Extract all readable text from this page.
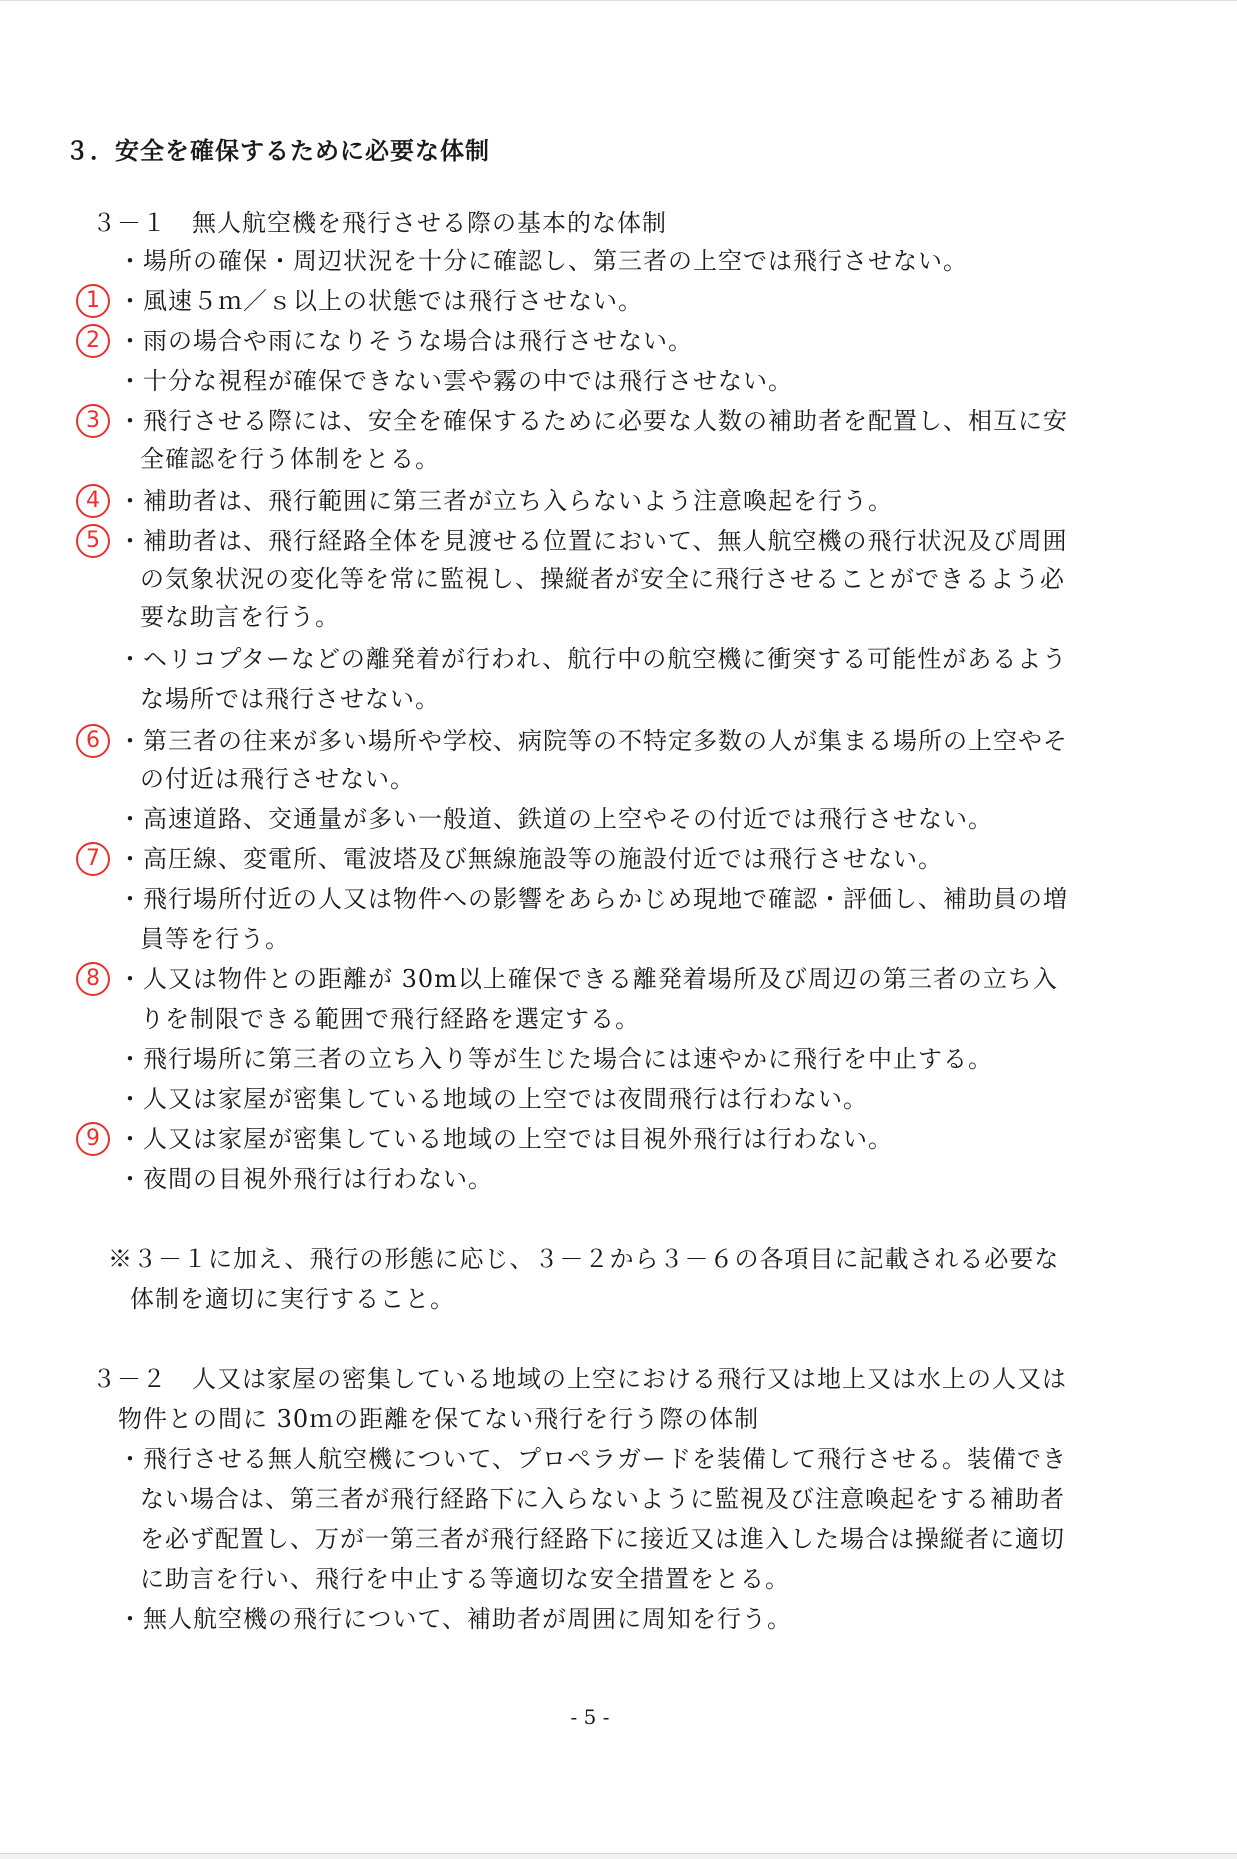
３．安全を確保するために必要な体制
３－１　無人航空機を飛行させる際の基本的な体制
・場所の確保・周辺状況を十分に確認し、第三者の上空では飛行させない。
・風速５ｍ／ｓ以上の状態では飛行させない。
・雨の場合や雨になりそうな場合は飛行させない。
・十分な視程が確保できない雲や霧の中では飛行させない。
・飛行させる際には、安全を確保するために必要な人数の補助者を配置し、相互に安
全確認を行う体制をとる。
・補助者は、飛行範囲に第三者が立ち入らないよう注意喚起を行う。
・補助者は、飛行経路全体を見渡せる位置において、無人航空機の飛行状況及び周囲
の気象状況の変化等を常に監視し、操縦者が安全に飛行させることができるよう必
要な助言を行う。
・ヘリコプターなどの離発着が行われ、航行中の航空機に衝突する可能性があるよう
な場所では飛行させない。
・第三者の往来が多い場所や学校、病院等の不特定多数の人が集まる場所の上空やそ
の付近は飛行させない。
・高速道路、交通量が多い一般道、鉄道の上空やその付近では飛行させない。
・高圧線、変電所、電波塔及び無線施設等の施設付近では飛行させない。
・飛行場所付近の人又は物件への影響をあらかじめ現地で確認・評価し、補助員の増
員等を行う。
・人又は物件との距離が 30m以上確保できる離発着場所及び周辺の第三者の立ち入
りを制限できる範囲で飛行経路を選定する。
・飛行場所に第三者の立ち入り等が生じた場合には速やかに飛行を中止する。
・人又は家屋が密集している地域の上空では夜間飛行は行わない。
・人又は家屋が密集している地域の上空では目視外飛行は行わない。
・夜間の目視外飛行は行わない。
1
2
3
4
5
6
7
8
9
※３－１に加え、飛行の形態に応じ、３－２から３－６の各項目に記載される必要な
体制を適切に実行すること。
３－２　人又は家屋の密集している地域の上空における飛行又は地上又は水上の人又は
物件との間に 30ｍの距離を保てない飛行を行う際の体制
・飛行させる無人航空機について、プロペラガードを装備して飛行させる。装備でき
ない場合は、第三者が飛行経路下に入らないように監視及び注意喚起をする補助者
を必ず配置し、万が一第三者が飛行経路下に接近又は進入した場合は操縦者に適切
に助言を行い、飛行を中止する等適切な安全措置をとる。
・無人航空機の飛行について、補助者が周囲に周知を行う。
- 5 -
